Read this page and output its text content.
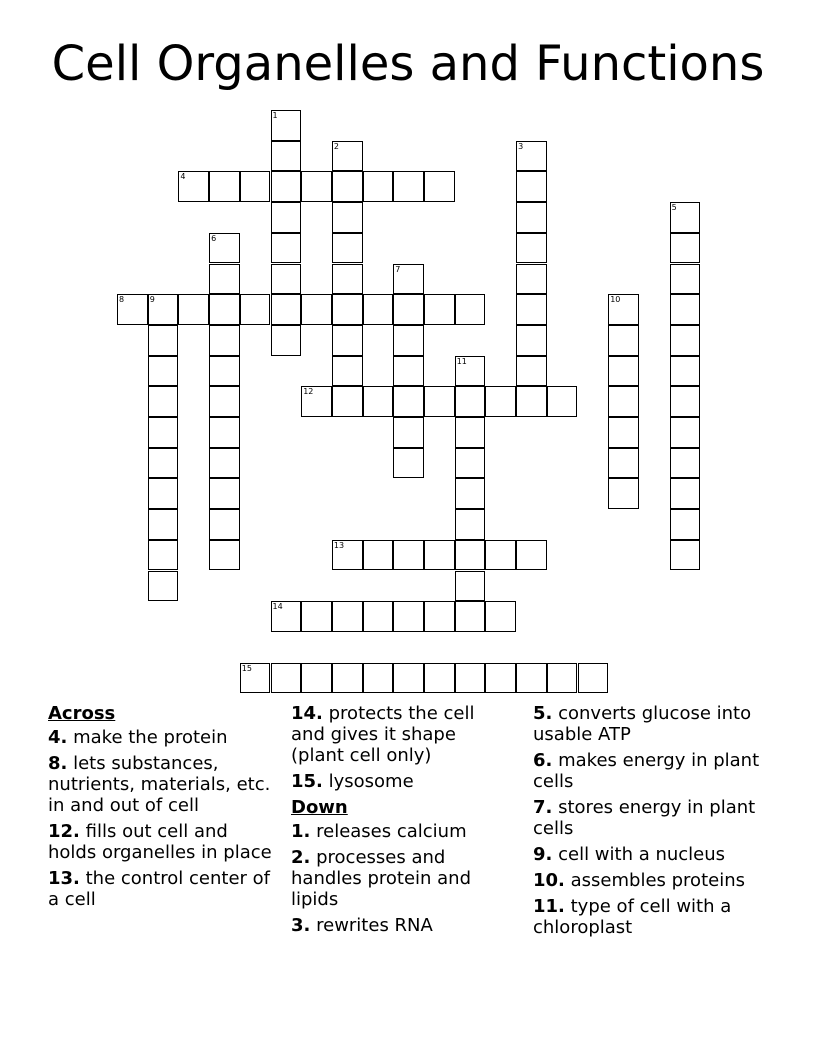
Cell Organelles and Functions
1
2	3
4
5
6
7
8	9	10
11
12
13
14
15
Across
4. make the protein
8. lets substances, nutrients, materials, etc. in and out of cell
12. fills out cell and holds organelles in place
13. the control center of a cell
14. protects the cell and gives it shape (plant cell only)
15. lysosome
Down
1. releases calcium
2. processes and handles protein and lipids
3. rewrites RNA
5. converts glucose into usable ATP
6. makes energy in plant cells
7. stores energy in plant cells
9. cell with a nucleus
10. assembles proteins
11. type of cell with a chloroplast
